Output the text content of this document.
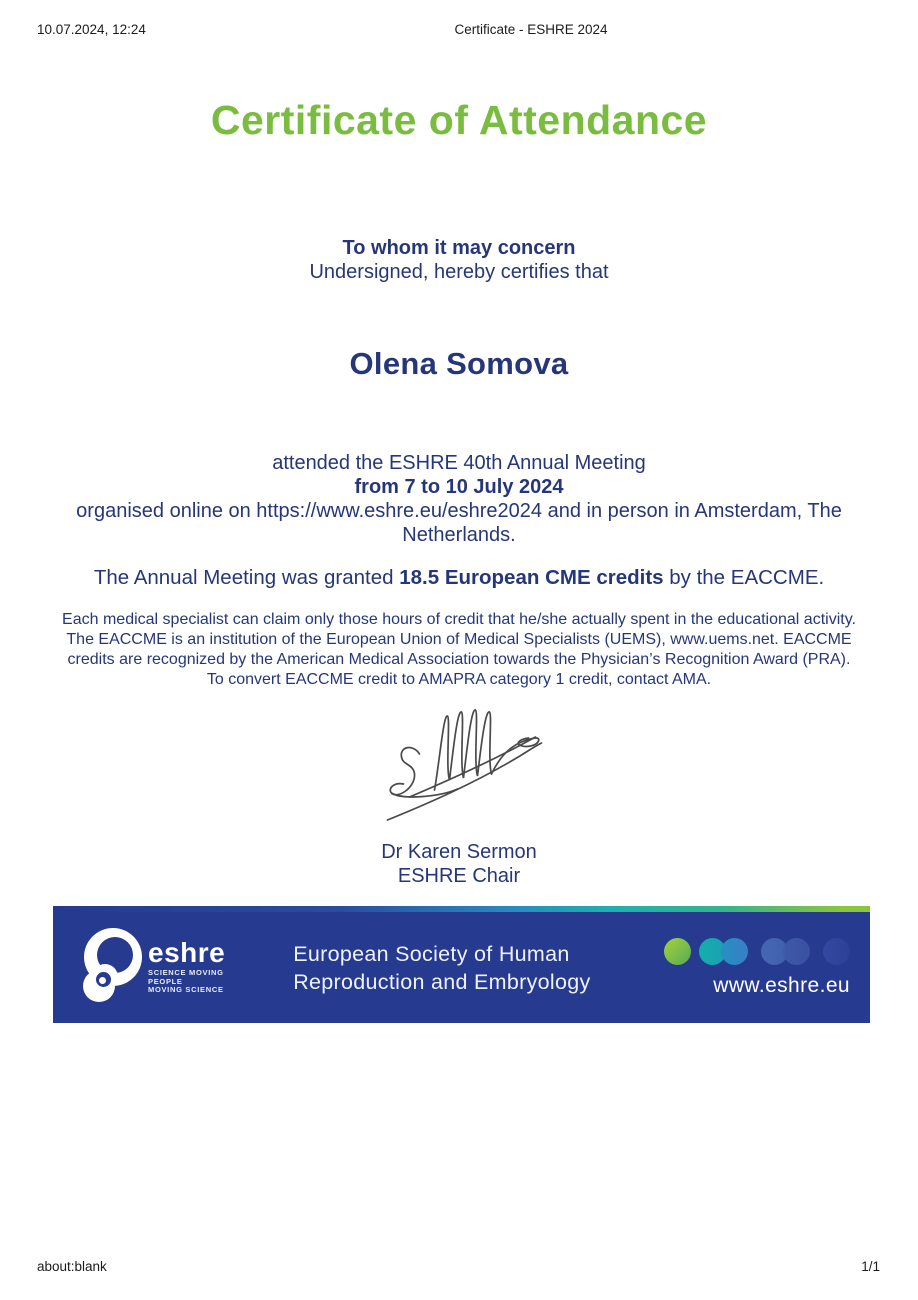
10.07.2024, 12:24	Certificate - ESHRE 2024
Certificate of Attendance

To whom it may concern

Undersigned, hereby certifies that

Olena Somova

attended the ESHRE 40th Annual Meeting

from 7 to 10 July 2024

organised online on https://www.eshre.eu/eshre2024 and in person in Amsterdam, The Netherlands.

The Annual Meeting was granted 18.5 European CME credits by the EACCME.

Each medical specialist can claim only those hours of credit that he/she actually spent in the educational activity.
The EACCME is an institution of the European Union of Medical Specialists (UEMS), www.uems.net. EACCME
credits are recognized by the American Medical Association towards the Physician’s Recognition Award (PRA).
To convert EACCME credit to AMAPRA category 1 credit, contact AMA.

Dr Karen Sermon

ESHRE Chair

eshre
SCIENCE MOVING
PEOPLE
MOVING SCIENCE
European Society of Human
Reproduction and Embryology	www.eshre.eu
about:blank	1/1
